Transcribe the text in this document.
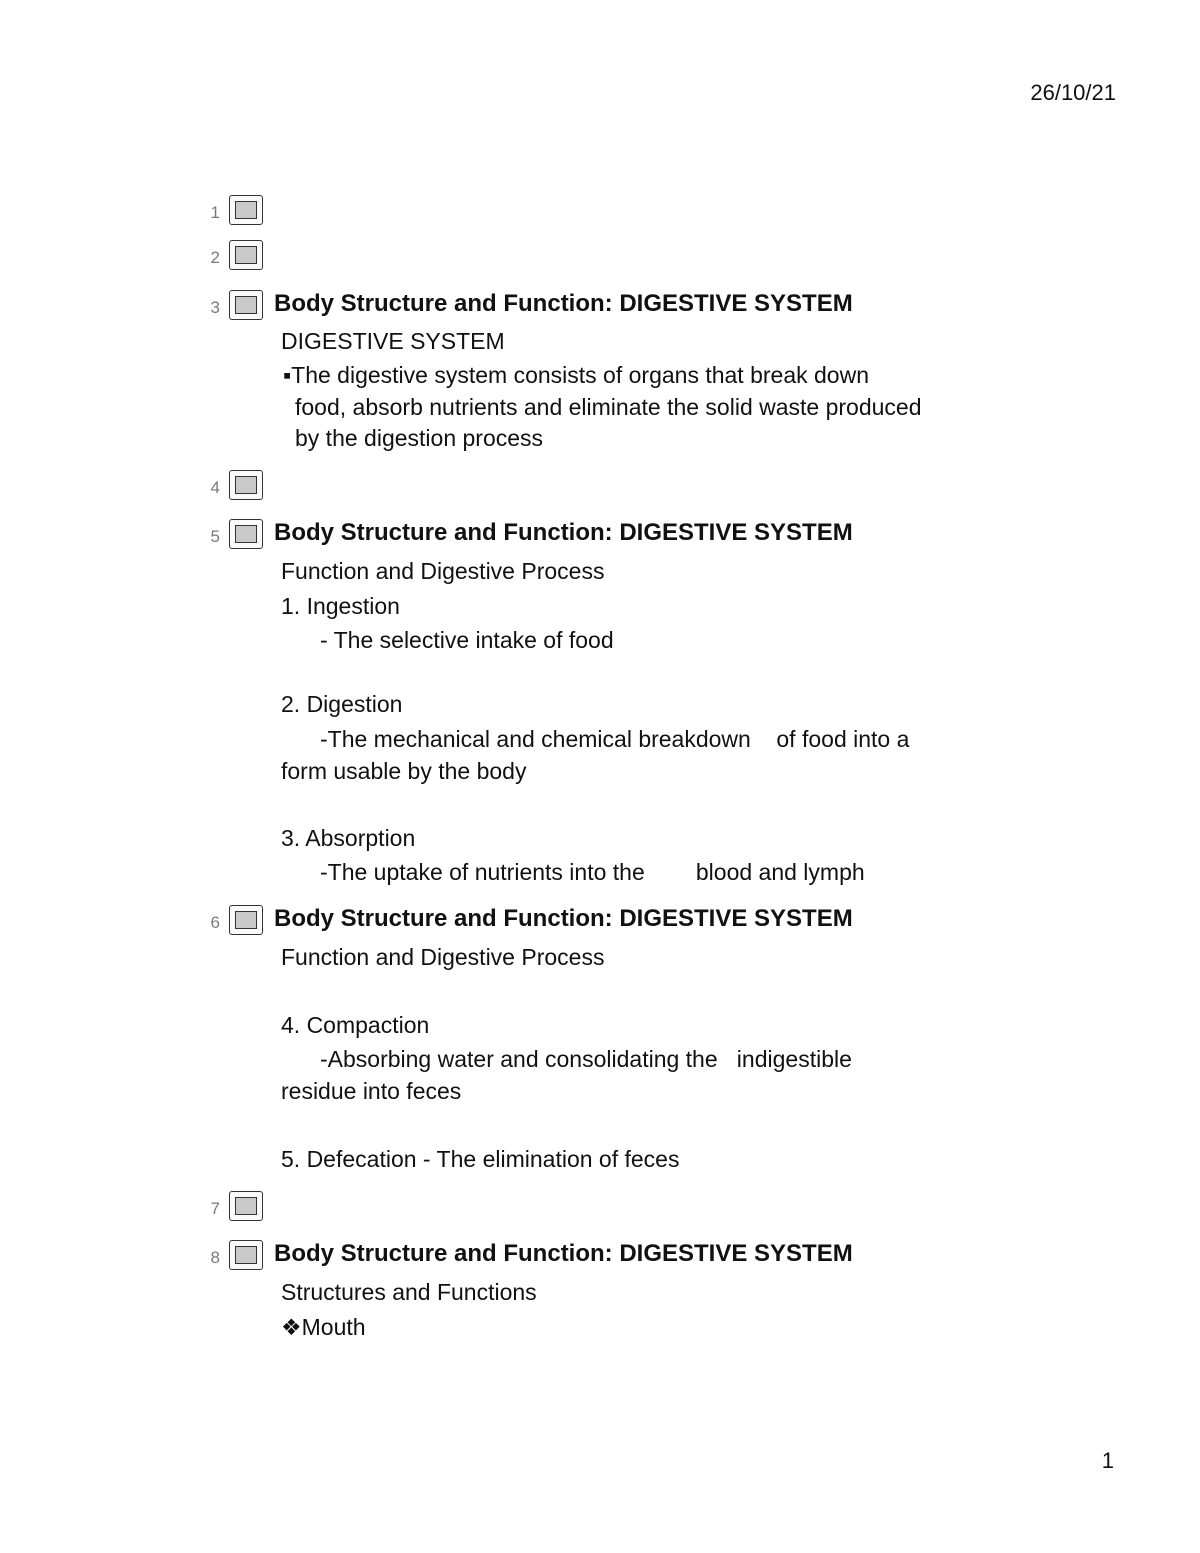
26/10/21
1
2
3 Body Structure and Function: DIGESTIVE SYSTEM
DIGESTIVE SYSTEM
▪The digestive system consists of organs that break down
food, absorb nutrients and eliminate the solid waste produced
by the digestion process
4
5 Body Structure and Function: DIGESTIVE SYSTEM
Function and Digestive Process
1. Ingestion
- The selective intake of food
2. Digestion
-The mechanical and chemical breakdown    of food into a
form usable by the body
3. Absorption
-The uptake of nutrients into the        blood and lymph
6 Body Structure and Function: DIGESTIVE SYSTEM
Function and Digestive Process
4. Compaction
-Absorbing water and consolidating the   indigestible
residue into feces
5. Defecation - The elimination of feces
7
8 Body Structure and Function: DIGESTIVE SYSTEM
Structures and Functions
❖Mouth
1
